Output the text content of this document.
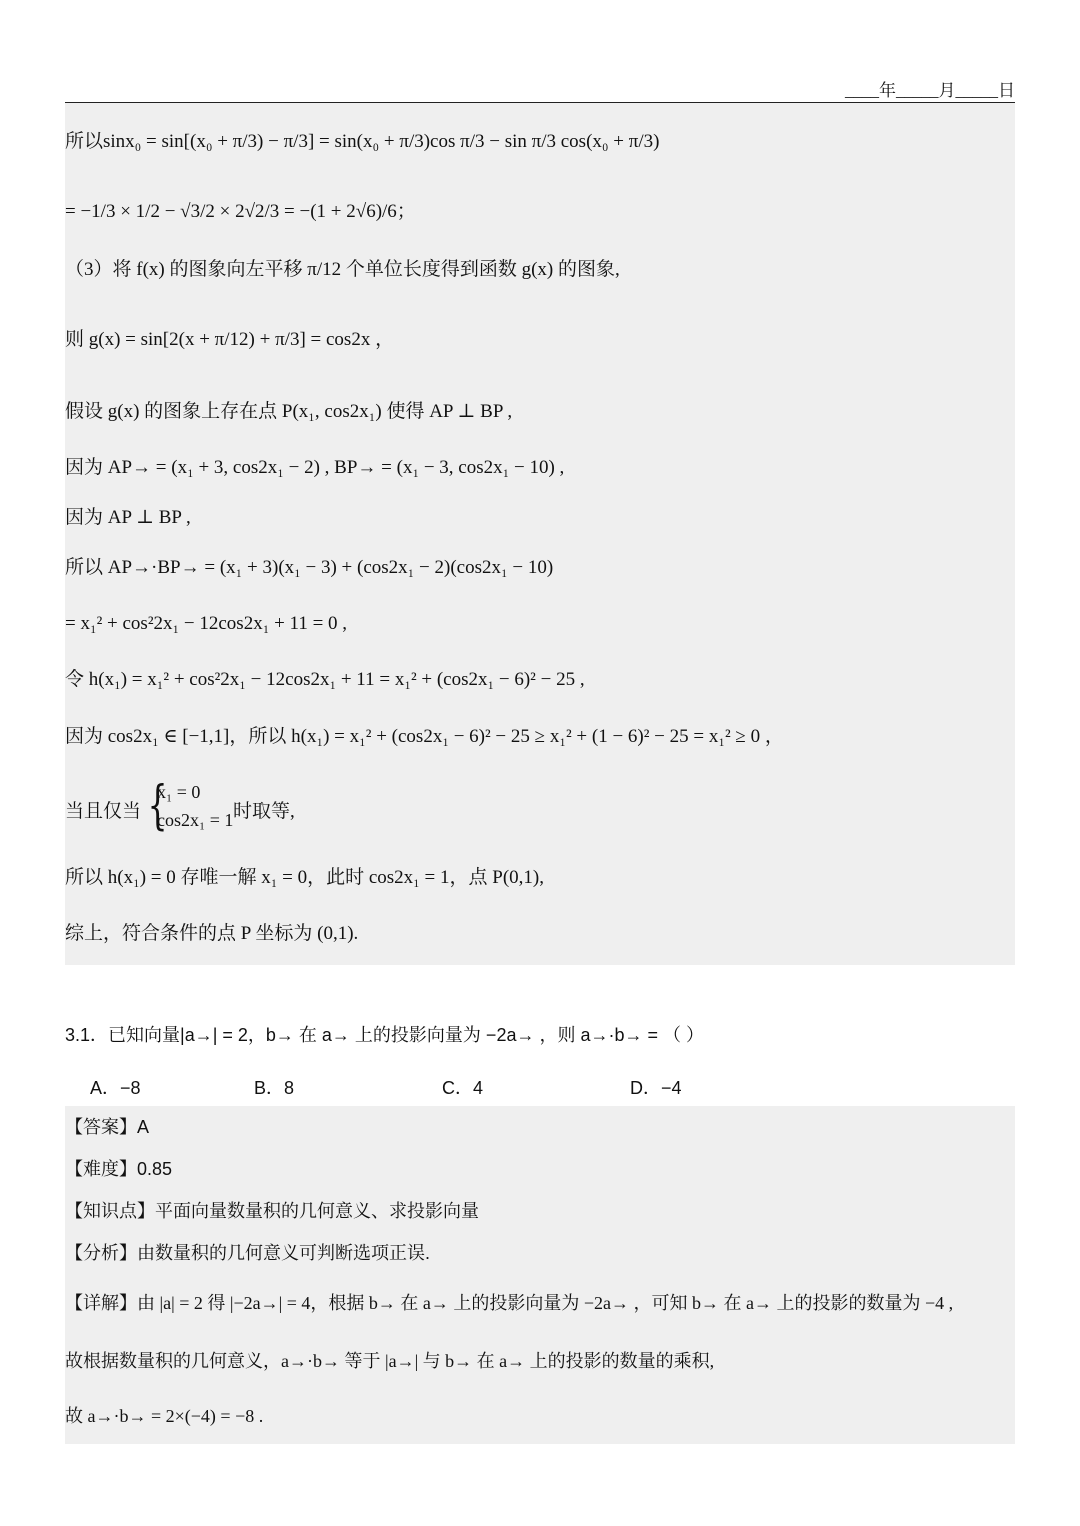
____年_____月_____日
所以sinx₀ = sin[(x₀ + π/3) − π/3] = sin(x₀ + π/3)cos π/3 − sin π/3 cos(x₀ + π/3)
= −1/3 × 1/2 − √3/2 × 2√2/3 = −(1 + 2√6)/6；
（3）将 f(x) 的图象向左平移 π/12 个单位长度得到函数 g(x) 的图象,
则 g(x) = sin[2(x + π/12) + π/3] = cos2x ，
假设 g(x) 的图象上存在点 P(x₁, cos2x₁) 使得 AP ⊥ BP ,
因为 AP→ = (x₁ + 3, cos2x₁ − 2) , BP→ = (x₁ − 3, cos2x₁ − 10) ,
因为 AP ⊥ BP ,
所以 AP→·BP→ = (x₁ + 3)(x₁ − 3) + (cos2x₁ − 2)(cos2x₁ − 10)
= x₁² + cos²2x₁ − 12cos2x₁ + 11 = 0 ,
令 h(x₁) = x₁² + cos²2x₁ − 12cos2x₁ + 11 = x₁² + (cos2x₁ − 6)² − 25 ,
因为 cos2x₁ ∈ [−1,1]，所以 h(x₁) = x₁² + (cos2x₁ − 6)² − 25 ≥ x₁² + (1 − 6)² − 25 = x₁² ≥ 0 ，
当且仅当 {
x₁ = 0
cos2x₁ = 1 时取等,
所以 h(x₁) = 0 存唯一解 x₁ = 0，此时 cos2x₁ = 1，点 P(0,1),
综上，符合条件的点 P 坐标为 (0,1).
3.1．已知向量|a→| = 2，b→ 在 a→ 上的投影向量为 −2a→ ，则 a→·b→ = （ ）
A．−8	B．8	C．4	D．−4
【答案】A
【难度】0.85
【知识点】平面向量数量积的几何意义、求投影向量
【分析】由数量积的几何意义可判断选项正误.
【详解】由 |a| = 2 得 |−2a→| = 4，根据 b→ 在 a→ 上的投影向量为 −2a→ ，可知 b→ 在 a→ 上的投影的数量为 −4 ,
故根据数量积的几何意义，a→·b→ 等于 |a→| 与 b→ 在 a→ 上的投影的数量的乘积,
故 a→·b→ = 2×(−4) = −8 .
